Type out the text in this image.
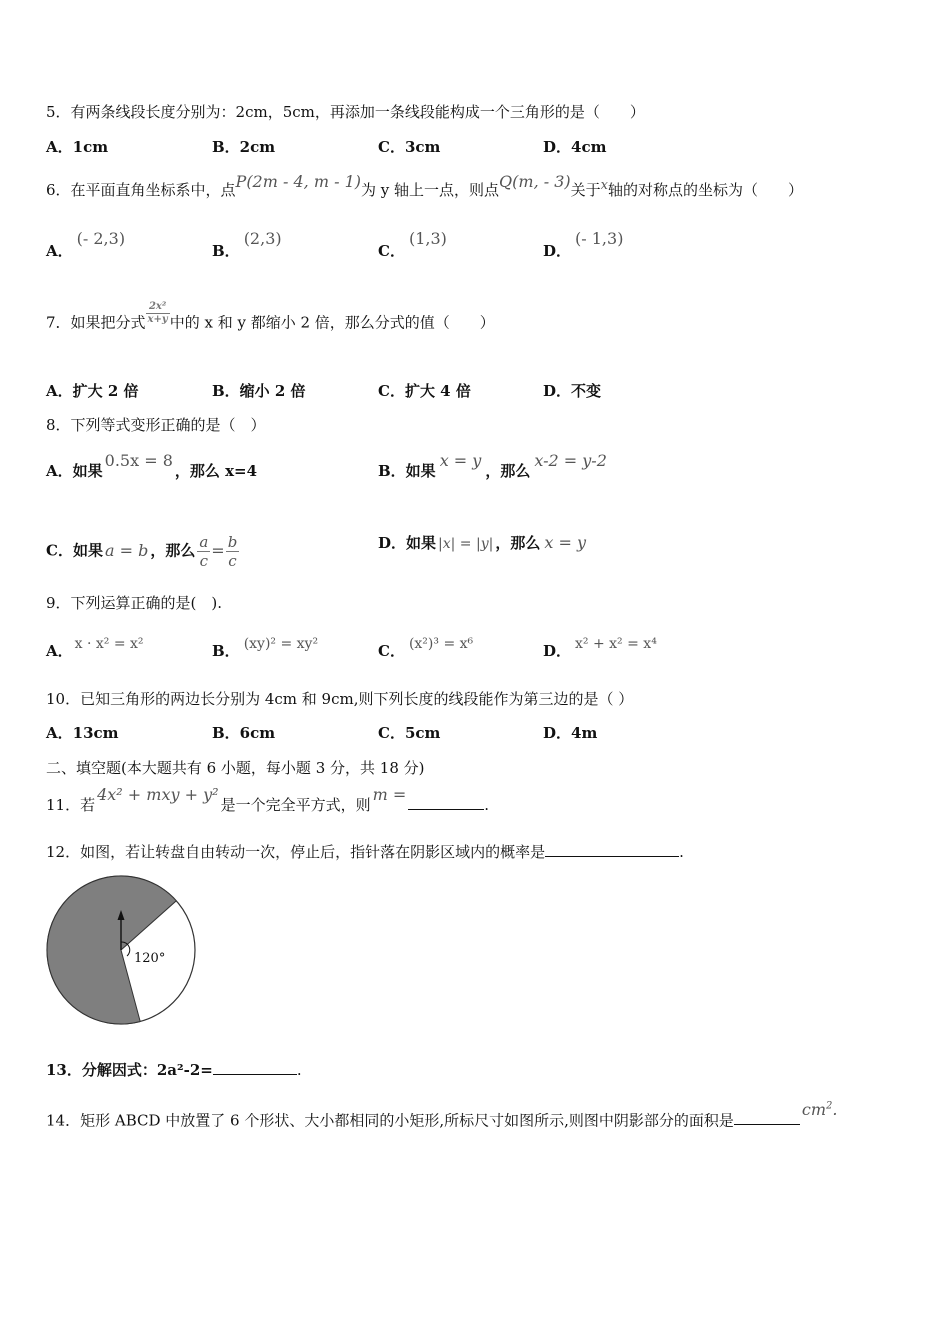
5．有两条线段长度分别为：2cm，5cm，再添加一条线段能构成一个三角形的是（　　）
A．1cm	B．2cm	C．3cm	D．4cm
6．在平面直角坐标系中，点P(2m - 4, m - 1)为 y 轴上一点，则点Q(m, - 3)关于x轴的对称点的坐标为（　　）
A．(- 2,3)
B．(2,3)
C．(1,3)
D．(- 1,3)
7．如果把分式 $\frac{\text{2x²}}{x+y}$ 中的 x 和 y 都缩小 2 倍，那么分式的值（　　）
A．扩大 2 倍	B．缩小 2 倍	C．扩大 4 倍	D．不变
8．下列等式变形正确的是（　）
A．如果0.5x = 8，那么 x=4	B．如果x = y，那么x-2 = y-2
C．如果 a = b ，那么 $\frac{a}{c} = \frac{b}{c}$	D．如果 |x| = |y| ，那么 x = y
9．下列运算正确的是(　).
A． x · x² = x²	B． (xy)² = xy²	C． (x²)³ = x⁶	D． x² + x² = x⁴
10．已知三角形的两边长分别为 4cm 和 9cm,则下列长度的线段能作为第三边的是（ ）
A．13cm	B．6cm	C．5cm	D．4m
二、填空题(本大题共有 6 小题，每小题 3 分，共 18 分)
11．若4x² + mxy + y²是一个完全平方式，则m =.
12．如图，若让转盘自由转动一次，停止后，指针落在阴影区域内的概率是	.
120°
13．分解因式：2a²-2=	.
14．矩形 ABCD 中放置了 6 个形状、大小都相同的小矩形,所标尺寸如图所示,则图中阴影部分的面积是$cm^2$.
